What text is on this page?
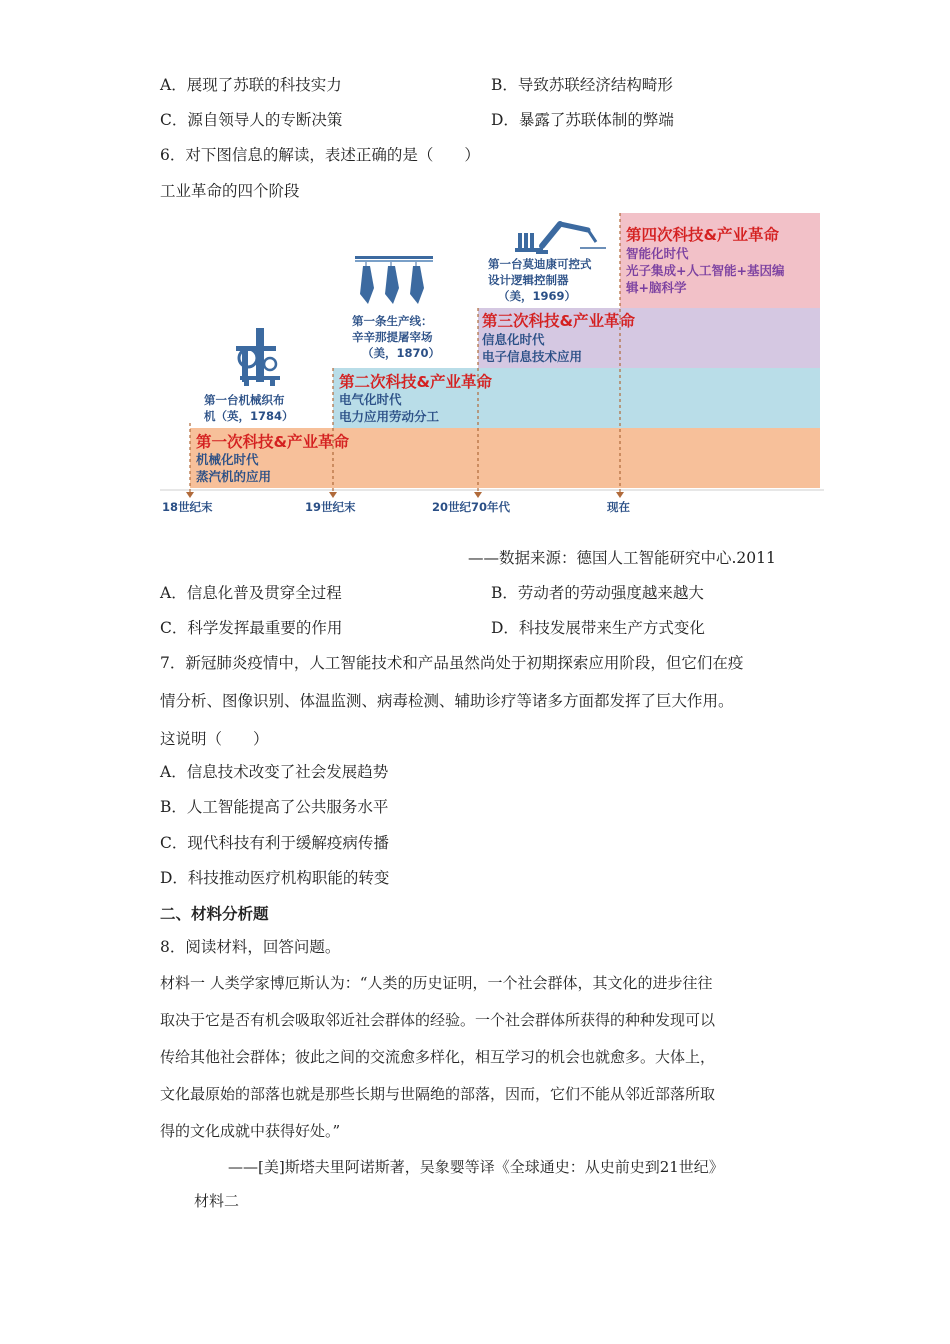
A．展现了苏联的科技实力	B．导致苏联经济结构畸形
C．源自领导人的专断决策	D．暴露了苏联体制的弊端
6．对下图信息的解读，表述正确的是（　　）
工业革命的四个阶段
18世纪末	19世纪末	20世纪70年代	现在
第一次科技&产业革命
机械化时代
蒸汽机的应用
第二次科技&产业革命
电气化时代
电力应用劳动分工
第三次科技&产业革命
信息化时代
电子信息技术应用
第四次科技&产业革命
智能化时代
光子集成+人工智能+基因编
辑+脑科学
第一台机械织布
机（英，1784）
第一条生产线：
辛辛那提屠宰场
（美，1870）
第一台莫迪康可控式
设计逻辑控制器
（美，1969）
——数据来源：德国人工智能研究中心.2011
A．信息化普及贯穿全过程	B．劳动者的劳动强度越来越大
C．科学发挥最重要的作用	D．科技发展带来生产方式变化
7．新冠肺炎疫情中，人工智能技术和产品虽然尚处于初期探索应用阶段，但它们在疫
情分析、图像识别、体温监测、病毒检测、辅助诊疗等诸多方面都发挥了巨大作用。
这说明（　　）
A．信息技术改变了社会发展趋势
B．人工智能提高了公共服务水平
C．现代科技有利于缓解疫病传播
D．科技推动医疗机构职能的转变
二、材料分析题
8．阅读材料，回答问题。
材料一 人类学家博厄斯认为：“人类的历史证明，一个社会群体，其文化的进步往往
取决于它是否有机会吸取邻近社会群体的经验。一个社会群体所获得的种种发现可以
传给其他社会群体；彼此之间的交流愈多样化，相互学习的机会也就愈多。大体上，
文化最原始的部落也就是那些长期与世隔绝的部落，因而，它们不能从邻近部落所取
得的文化成就中获得好处。”
——[美]斯塔夫里阿诺斯著，吴象婴等译《全球通史：从史前史到21世纪》
材料二
